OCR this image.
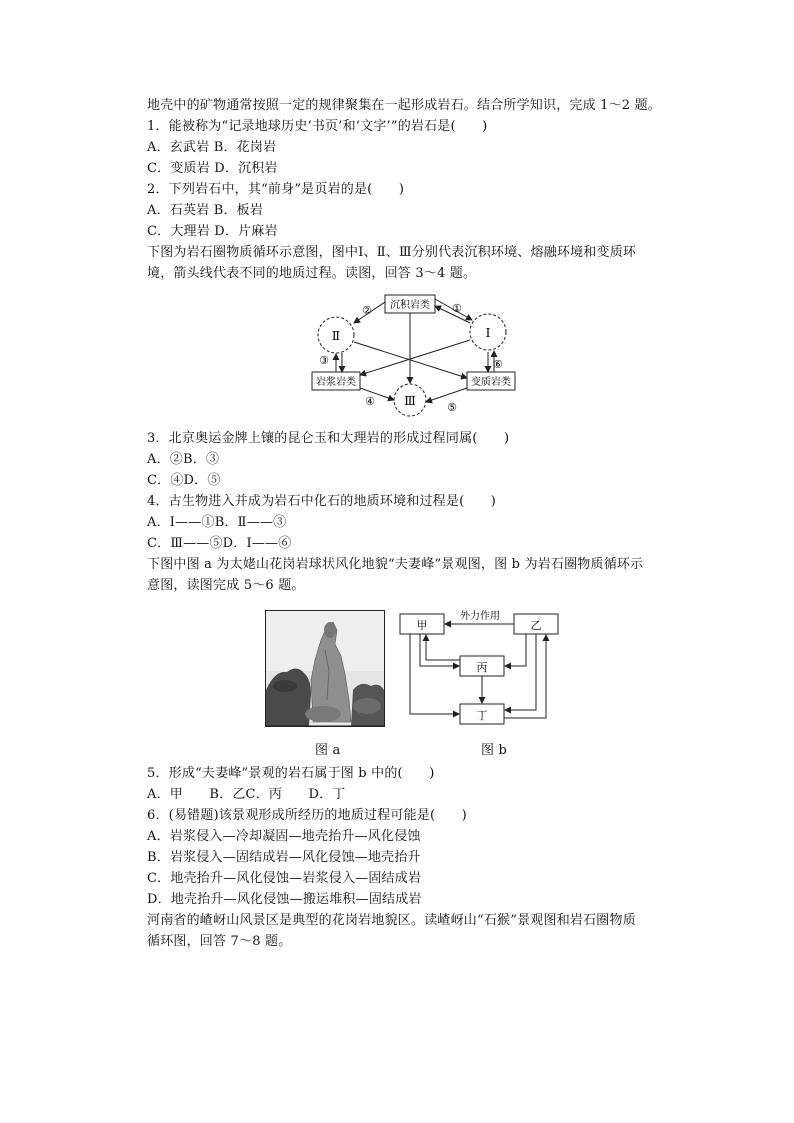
地壳中的矿物通常按照一定的规律聚集在一起形成岩石。结合所学知识，完成 1～2 题。
1．能被称为“记录地球历史‘书页’和‘文字’”的岩石是(　　)
A．玄武岩 B．花岗岩
C．变质岩 D．沉积岩
2．下列岩石中，其“前身”是页岩的是(　　)
A．石英岩 B．板岩
C．大理岩 D．片麻岩
下图为岩石圈物质循环示意图，图中Ⅰ、Ⅱ、Ⅲ分别代表沉积环境、熔融环境和变质环
境，箭头线代表不同的地质过程。读图，回答 3～4 题。
沉积岩类
岩浆岩类	变质岩类
Ⅰ
Ⅱ
Ⅲ
②	①
③	⑥
④	⑤
3．北京奥运金牌上镶的昆仑玉和大理岩的形成过程同属(　　)
A．②B．③
C．④D．⑤
4．古生物进入并成为岩石中化石的地质环境和过程是(　　)
A．Ⅰ——①B．Ⅱ——③
C．Ⅲ——⑤D．Ⅰ——⑥
下图中图 a 为太姥山花岗岩球状风化地貌“夫妻峰”景观图，图 b 为岩石圈物质循环示
意图，读图完成 5～6 题。
图 a
甲	乙
丙
丁
外力作用
图 b
5．形成“夫妻峰”景观的岩石属于图 b 中的(　　)
A．甲　　B．乙C．丙　　D．丁
6．(易错题)该景观形成所经历的地质过程可能是(　　)
A．岩浆侵入—冷却凝固—地壳抬升—风化侵蚀
B．岩浆侵入—固结成岩—风化侵蚀—地壳抬升
C．地壳抬升—风化侵蚀—岩浆侵入—固结成岩
D．地壳抬升—风化侵蚀—搬运堆积—固结成岩
河南省的嵖岈山风景区是典型的花岗岩地貌区。读嵖岈山“石猴”景观图和岩石圈物质
循环图，回答 7～8 题。
